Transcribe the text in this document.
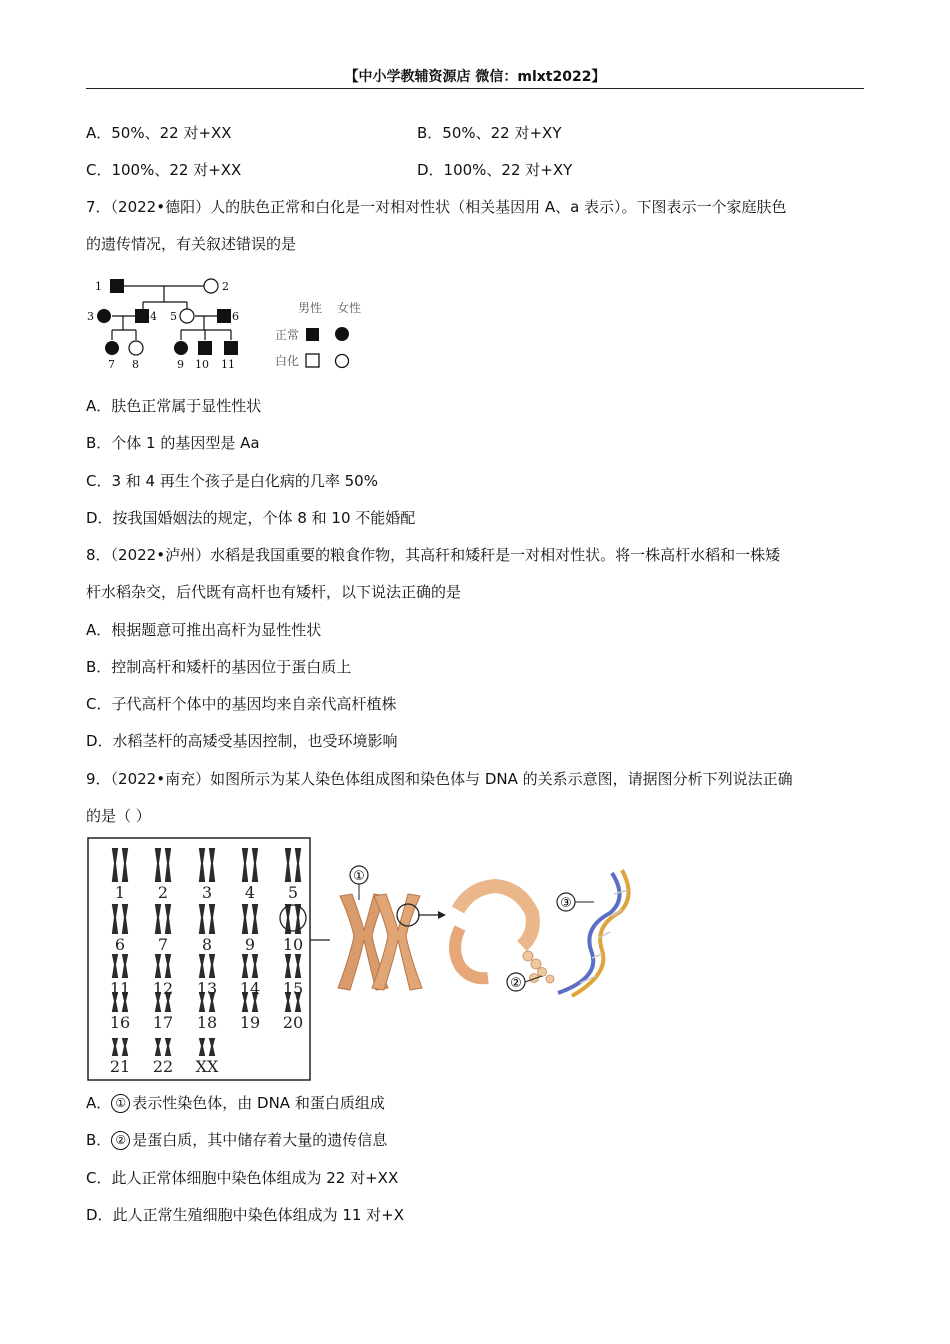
【中小学教辅资源店 微信：mlxt2022】
A．50%、22 对+XX	B．50%、22 对+XY
C．100%、22 对+XX	D．100%、22 对+XY
7．（2022•德阳）人的肤色正常和白化是一对相对性状（相关基因用 A、a 表示）。下图表示一个家庭肤色
的遗传情况，有关叙述错误的是
1	2
3	4 5	6
7 8	9 10 11
男性 女性
正常
白化
A．肤色正常属于显性性状
B．个体 1 的基因型是 Aa
C．3 和 4 再生个孩子是白化病的几率 50%
D．按我国婚姻法的规定，个体 8 和 10 不能婚配
8．（2022•泸州）水稻是我国重要的粮食作物，其高秆和矮秆是一对相对性状。将一株高杆水稻和一株矮
杆水稻杂交，后代既有高杆也有矮杆，以下说法正确的是
A．根据题意可推出高杆为显性性状
B．控制高杆和矮杆的基因位于蛋白质上
C．子代高杆个体中的基因均来自亲代高杆植株
D．水稻茎杆的高矮受基因控制，也受环境影响
9．（2022•南充）如图所示为某人染色体组成图和染色体与 DNA 的关系示意图，请据图分析下列说法正确
的是（ ）
1 2 3 4 5
6 7 8 9 10
11 12 13 14 15
16 17 18 19 20
21 22 XX
①
②
③
A． ① 表示性染色体，由 DNA 和蛋白质组成
B． ② 是蛋白质，其中储存着大量的遗传信息
C．此人正常体细胞中染色体组成为 22 对+XX
D．此人正常生殖细胞中染色体组成为 11 对+X
